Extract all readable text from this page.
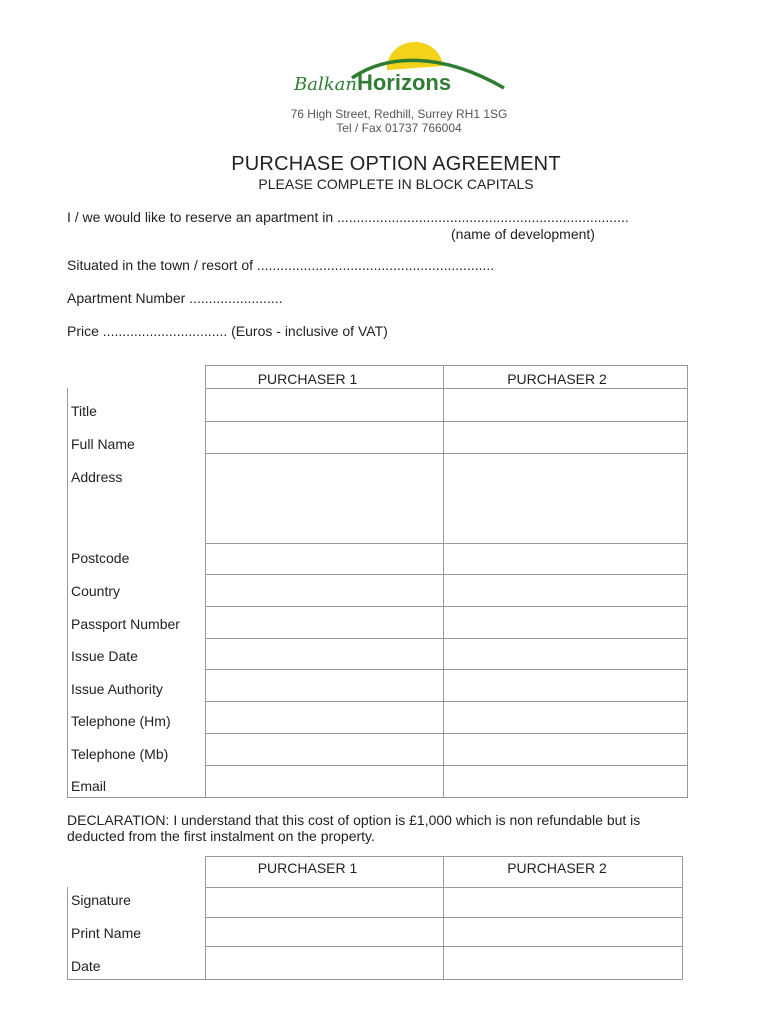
BalkanHorizons
76 High Street, Redhill, Surrey RH1 1SG
Tel / Fax 01737 766004
PURCHASE OPTION AGREEMENT
PLEASE COMPLETE IN BLOCK CAPITALS
I / we would like to reserve an apartment in ...........................................................................
(name of development)
Situated in the town / resort of .............................................................
Apartment Number ........................
Price ................................ (Euros - inclusive of VAT)
PURCHASER 1	PURCHASER 2
Title
Full Name
Address
Postcode
Country
Passport Number
Issue Date
Issue Authority
Telephone (Hm)
Telephone (Mb)
Email
DECLARATION: I understand that this cost of option is £1,000 which is non refundable but is
deducted from the first instalment on the property.
PURCHASER 1	PURCHASER 2
Signature
Print Name
Date
